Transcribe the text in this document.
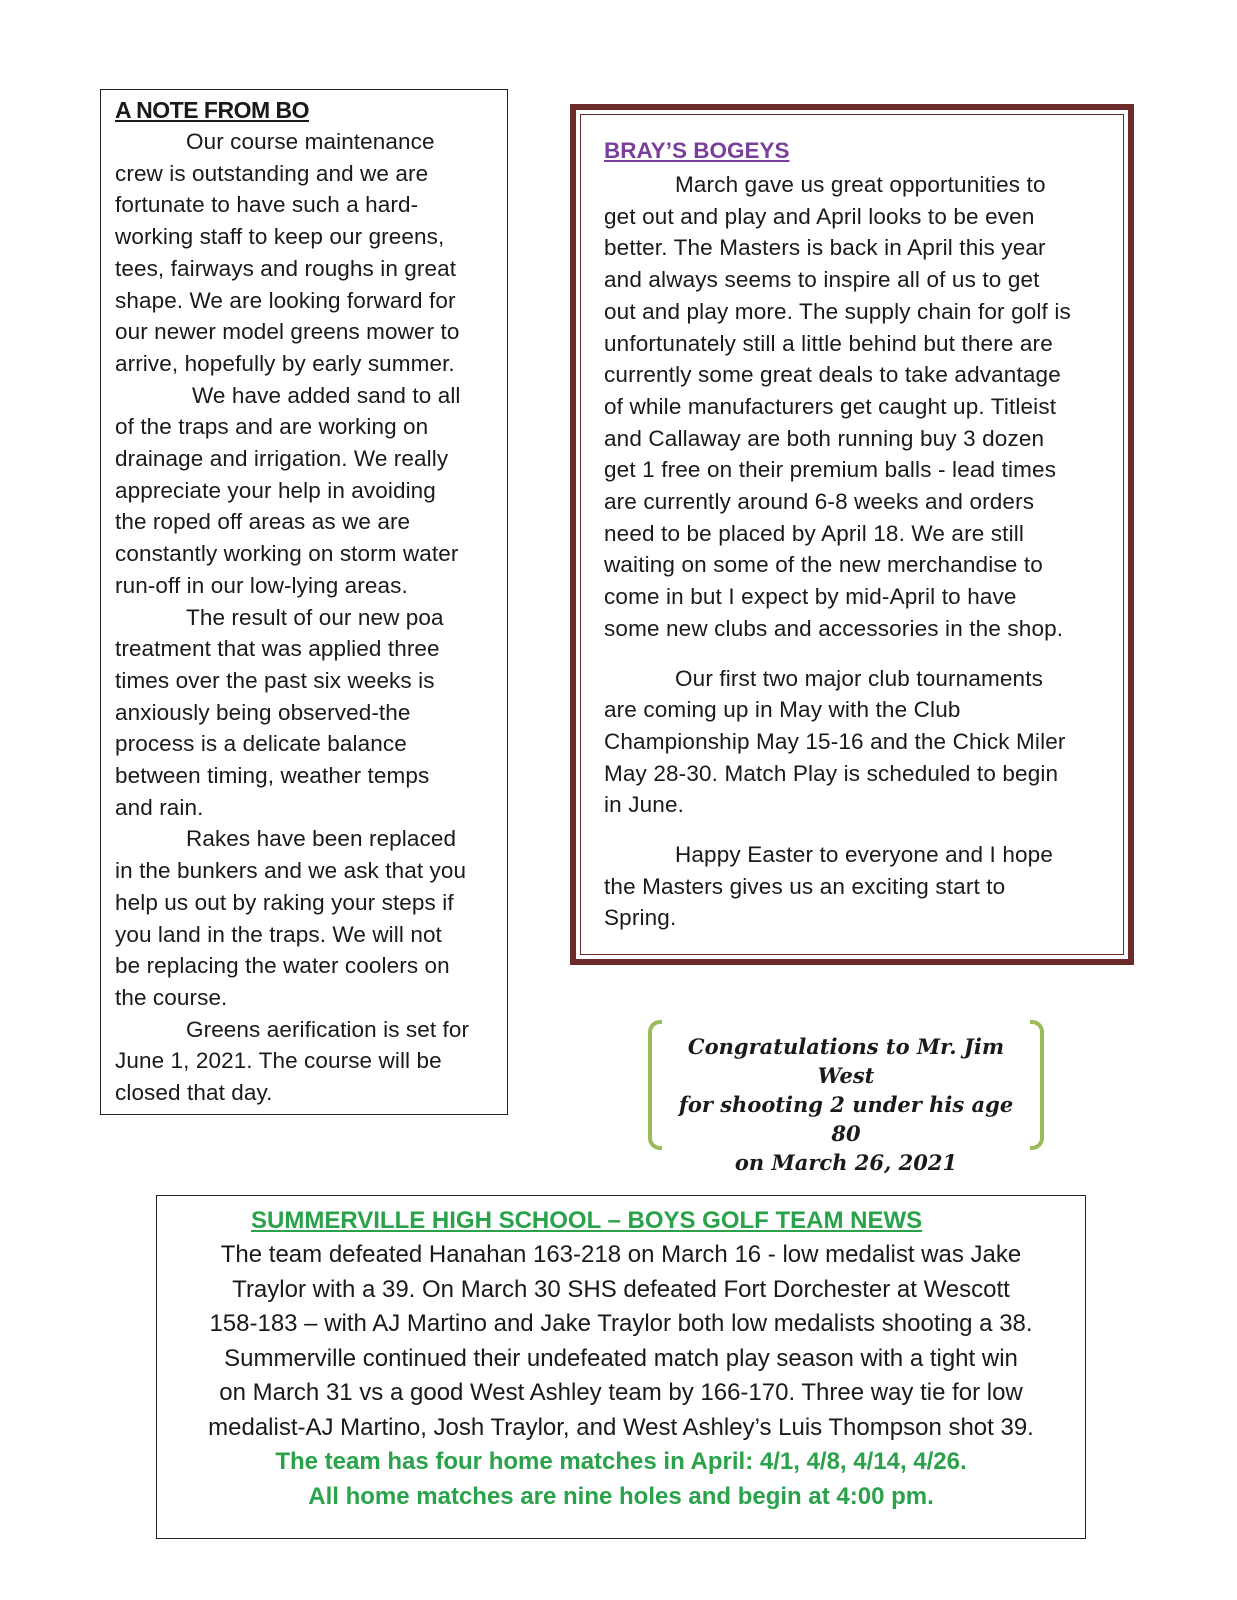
A NOTE FROM BO
Our course maintenance
crew is outstanding and we are
fortunate to have such a hard-
working staff to keep our greens,
tees, fairways and roughs in great
shape. We are looking forward for
our newer model greens mower to
arrive, hopefully by early summer.
We have added sand to all
of the traps and are working on
drainage and irrigation. We really
appreciate your help in avoiding
the roped off areas as we are
constantly working on storm water
run-off in our low-lying areas.
The result of our new poa
treatment that was applied three
times over the past six weeks is
anxiously being observed-the
process is a delicate balance
between timing, weather temps
and rain.
Rakes have been replaced
in the bunkers and we ask that you
help us out by raking your steps if
you land in the traps. We will not
be replacing the water coolers on
the course.
Greens aerification is set for
June 1, 2021. The course will be
closed that day.
BRAY’S BOGEYS
March gave us great opportunities to
get out and play and April looks to be even
better. The Masters is back in April this year
and always seems to inspire all of us to get
out and play more. The supply chain for golf is
unfortunately still a little behind but there are
currently some great deals to take advantage
of while manufacturers get caught up. Titleist
and Callaway are both running buy 3 dozen
get 1 free on their premium balls - lead times
are currently around 6-8 weeks and orders
need to be placed by April 18. We are still
waiting on some of the new merchandise to
come in but I expect by mid-April to have
some new clubs and accessories in the shop.
Our first two major club tournaments
are coming up in May with the Club
Championship May 15-16 and the Chick Miler
May 28-30. Match Play is scheduled to begin
in June.
Happy Easter to everyone and I hope
the Masters gives us an exciting start to
Spring.
Congratulations to Mr. Jim West
for shooting 2 under his age 80
on March 26, 2021
SUMMERVILLE HIGH SCHOOL – BOYS GOLF TEAM NEWS
The team defeated Hanahan 163-218 on March 16 - low medalist was Jake
Traylor with a 39. On March 30 SHS defeated Fort Dorchester at Wescott
158-183 – with AJ Martino and Jake Traylor both low medalists shooting a 38.
Summerville continued their undefeated match play season with a tight win
on March 31 vs a good West Ashley team by 166-170. Three way tie for low
medalist-AJ Martino, Josh Traylor, and West Ashley’s Luis Thompson shot 39.
The team has four home matches in April: 4/1, 4/8, 4/14, 4/26.
All home matches are nine holes and begin at 4:00 pm.
